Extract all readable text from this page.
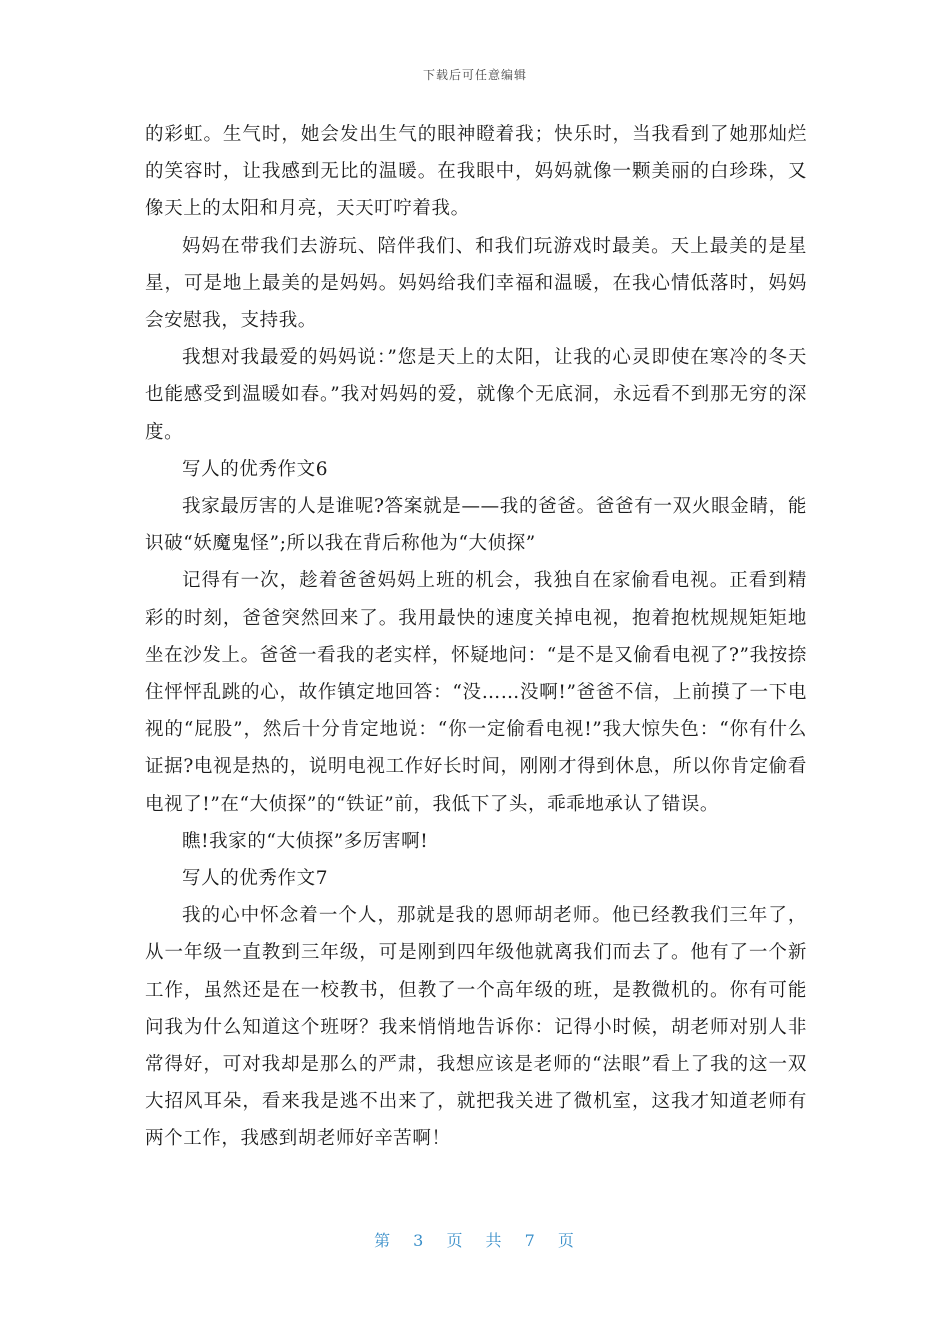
下载后可任意编辑

的彩虹。生气时，她会发出生气的眼神瞪着我；快乐时，当我看到了她那灿烂的笑容时，让我感到无比的温暖。在我眼中，妈妈就像一颗美丽的白珍珠，又像天上的太阳和月亮，天天叮咛着我。

妈妈在带我们去游玩、陪伴我们、和我们玩游戏时最美。天上最美的是星星，可是地上最美的是妈妈。妈妈给我们幸福和温暖，在我心情低落时，妈妈会安慰我，支持我。

我想对我最爱的妈妈说：”您是天上的太阳，让我的心灵即使在寒冷的冬天也能感受到温暖如春。”我对妈妈的爱，就像个无底洞，永远看不到那无穷的深度。

写人的优秀作文6

我家最厉害的人是谁呢?答案就是——我的爸爸。爸爸有一双火眼金睛，能识破“妖魔鬼怪”;所以我在背后称他为“大侦探”

记得有一次，趁着爸爸妈妈上班的机会，我独自在家偷看电视。正看到精彩的时刻，爸爸突然回来了。我用最快的速度关掉电视，抱着抱枕规规矩矩地坐在沙发上。爸爸一看我的老实样，怀疑地问：“是不是又偷看电视了?”我按捺住怦怦乱跳的心，故作镇定地回答：“没……没啊!”爸爸不信，上前摸了一下电视的“屁股”，然后十分肯定地说：“你一定偷看电视!”我大惊失色：“你有什么证据?电视是热的，说明电视工作好长时间，刚刚才得到休息，所以你肯定偷看电视了!”在“大侦探”的“铁证”前，我低下了头，乖乖地承认了错误。

瞧!我家的“大侦探”多厉害啊!

写人的优秀作文7

我的心中怀念着一个人，那就是我的恩师胡老师。他已经教我们三年了，从一年级一直教到三年级，可是刚到四年级他就离我们而去了。他有了一个新工作，虽然还是在一校教书，但教了一个高年级的班，是教微机的。你有可能问我为什么知道这个班呀？我来悄悄地告诉你：记得小时候，胡老师对别人非常得好，可对我却是那么的严肃，我想应该是老师的“法眼”看上了我的这一双大招风耳朵，看来我是逃不出来了，就把我关进了微机室，这我才知道老师有两个工作，我感到胡老师好辛苦啊！

第 3 页 共 7 页
